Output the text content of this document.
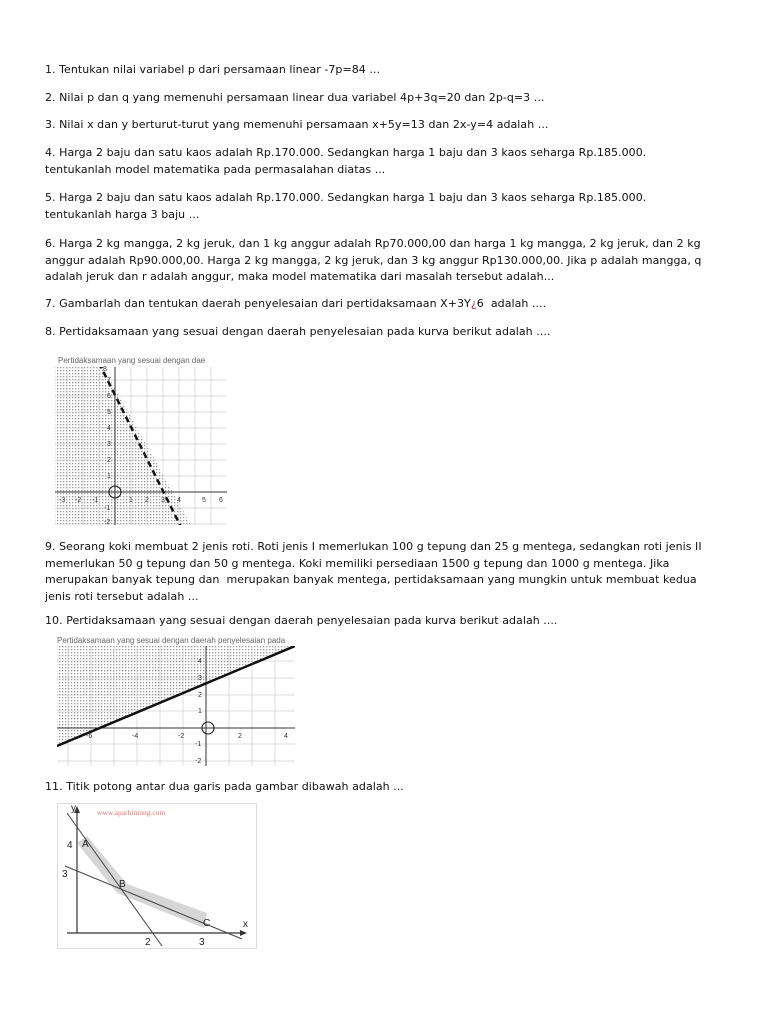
1. Tentukan nilai variabel p dari persamaan linear -7p=84 ...
2. Nilai p dan q yang memenuhi persamaan linear dua variabel 4p+3q=20 dan 2p-q=3 ...
3. Nilai x dan y berturut-turut yang memenuhi persamaan x+5y=13 dan 2x-y=4 adalah ...
4. Harga 2 baju dan satu kaos adalah Rp.170.000. Sedangkan harga 1 baju dan 3 kaos seharga Rp.185.000. tentukanlah model matematika pada permasalahan diatas ...
5. Harga 2 baju dan satu kaos adalah Rp.170.000. Sedangkan harga 1 baju dan 3 kaos seharga Rp.185.000. tentukanlah harga 3 baju ...
6. Harga 2 kg mangga, 2 kg jeruk, dan 1 kg anggur adalah Rp70.000,00 dan harga 1 kg mangga, 2 kg jeruk, dan 2 kg anggur adalah Rp90.000,00. Harga 2 kg mangga, 2 kg jeruk, dan 3 kg anggur Rp130.000,00. Jika p adalah mangga, q adalah jeruk dan r adalah anggur, maka model matematika dari masalah tersebut adalah...
7. Gambarlah dan tentukan daerah penyelesaian dari pertidaksamaan X+3Y¿6  adalah ....
8. Pertidaksamaan yang sesuai dengan daerah penyelesaian pada kurva berikut adalah ....
Pertidaksamaan yang sesuai dengan dae
8
7
6
5
4
3
2
1
-1
-2
-3 -2 -1	1 2 3 4	5 6
9. Seorang koki membuat 2 jenis roti. Roti jenis I memerlukan 100 g tepung dan 25 g mentega, sedangkan roti jenis II memerlukan 50 g tepung dan 50 g mentega. Koki memiliki persediaan 1500 g tepung dan 1000 g mentega. Jika merupakan banyak tepung dan  merupakan banyak mentega, pertidaksamaan yang mungkin untuk membuat kedua jenis roti tersebut adalah ...
10. Pertidaksamaan yang sesuai dengan daerah penyelesaian pada kurva berikut adalah ....
Pertidaksamaan yang sesuai dengan daerah penyelesaian pada
4
3
2
1
-1
-2
-6	-4	-2	2	4
11. Titik potong antar dua garis pada gambar dibawah adalah ...
www.aparhimung.com
y
x
4
3
2	3
A
B
C
